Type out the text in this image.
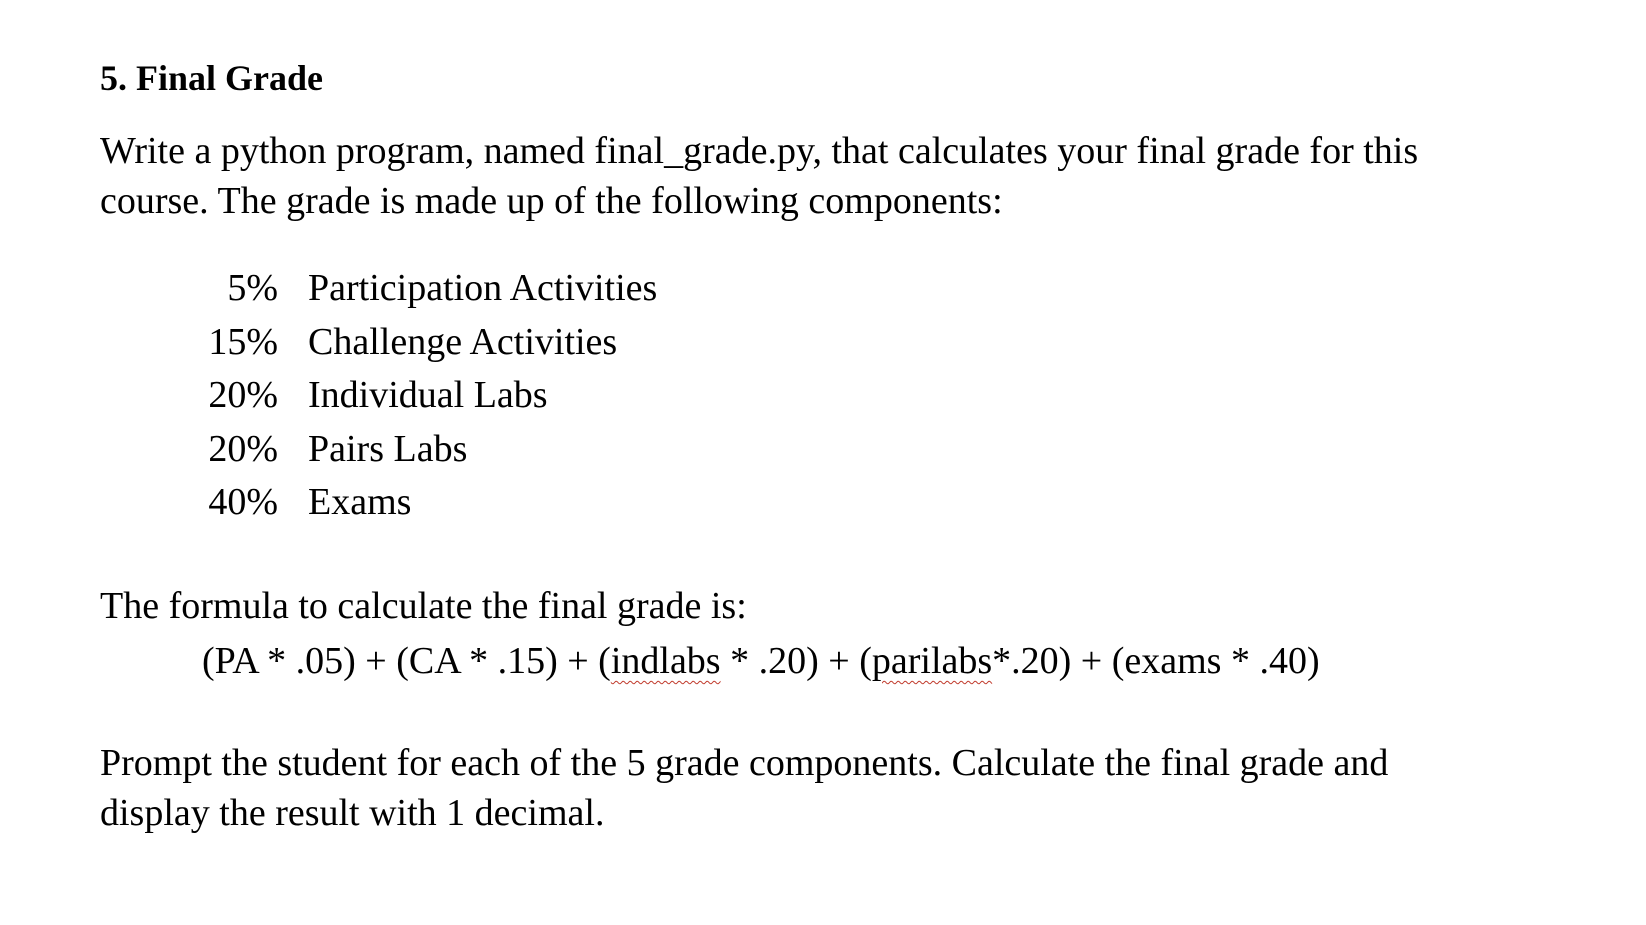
5. Final Grade
Write a python program, named final_grade.py, that calculates your final grade for this
course. The grade is made up of the following components:
5% Participation Activities
15% Challenge Activities
20% Individual Labs
20% Pairs Labs
40% Exams
The formula to calculate the final grade is:
(PA * .05) + (CA * .15) + (indlabs * .20) + (parilabs*.20) + (exams * .40)
Prompt the student for each of the 5 grade components. Calculate the final grade and
display the result with 1 decimal.
